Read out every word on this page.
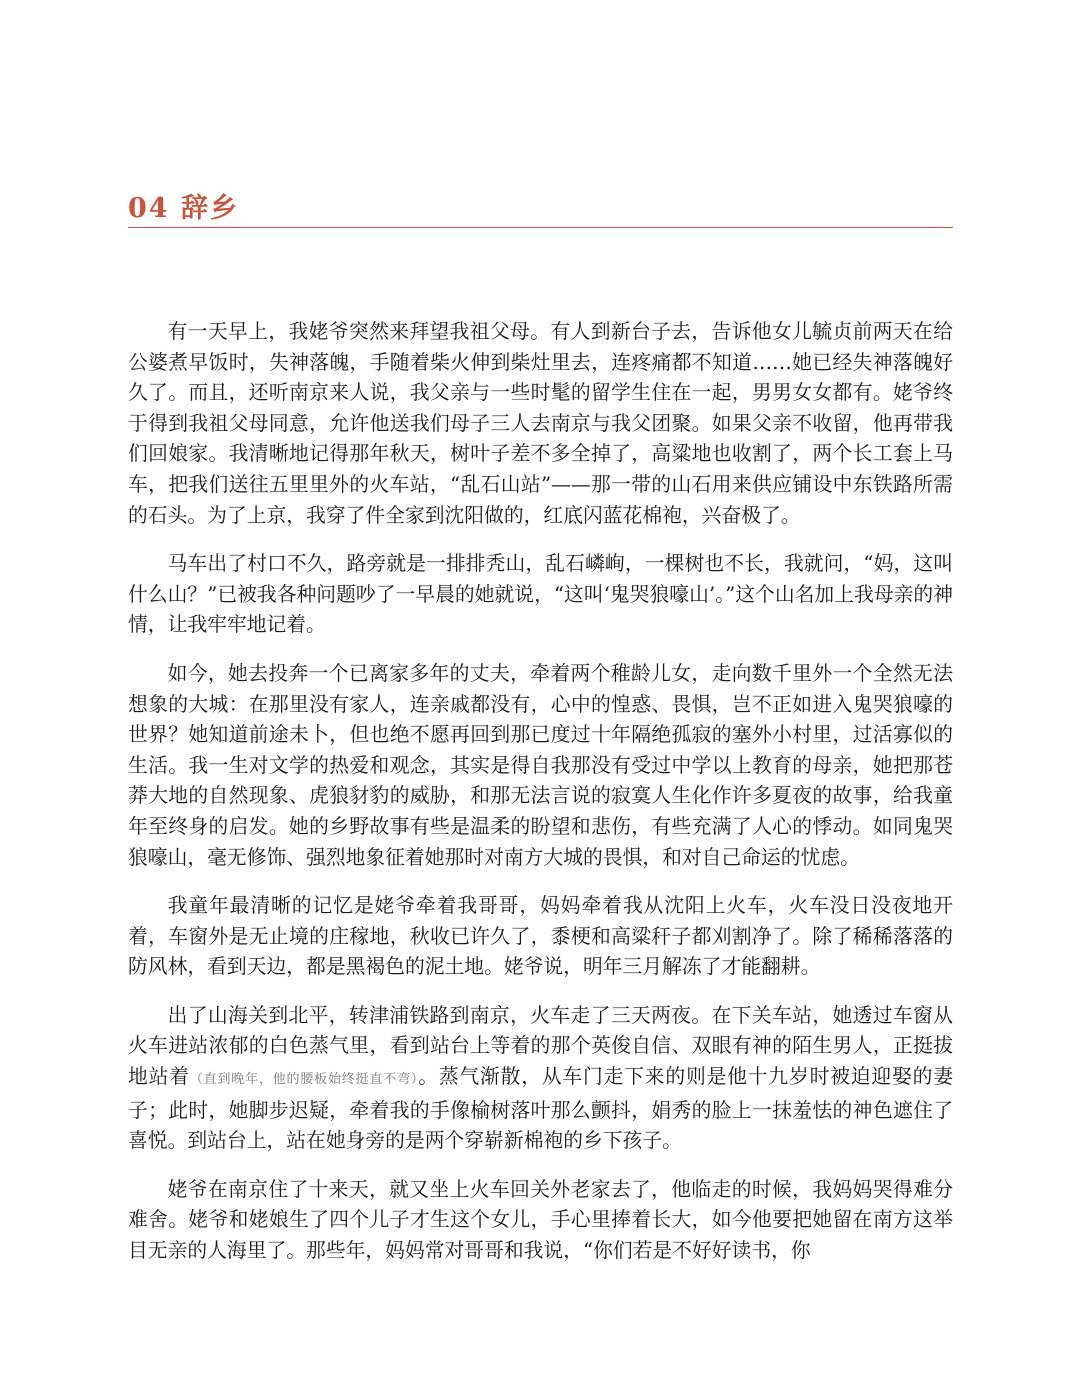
04 辞乡

有一天早上，我姥爷突然来拜望我祖父母。有人到新台子去，告诉他女儿毓贞前两天在给公婆煮早饭时，失神落魄，手随着柴火伸到柴灶里去，连疼痛都不知道……她已经失神落魄好久了。而且，还听南京来人说，我父亲与一些时髦的留学生住在一起，男男女女都有。姥爷终于得到我祖父母同意，允许他送我们母子三人去南京与我父团聚。如果父亲不收留，他再带我们回娘家。我清晰地记得那年秋天，树叶子差不多全掉了，高粱地也收割了，两个长工套上马车，把我们送往五里里外的火车站，“乱石山站”——那一带的山石用来供应铺设中东铁路所需的石头。为了上京，我穿了件全家到沈阳做的，红底闪蓝花棉袍，兴奋极了。

马车出了村口不久，路旁就是一排排秃山，乱石嶙峋，一棵树也不长，我就问，“妈，这叫什么山？”已被我各种问题吵了一早晨的她就说，“这叫‘鬼哭狼嚎山’。”这个山名加上我母亲的神情，让我牢牢地记着。

如今，她去投奔一个已离家多年的丈夫，牵着两个稚龄儿女，走向数千里外一个全然无法想象的大城：在那里没有家人，连亲戚都没有，心中的惶惑、畏惧，岂不正如进入鬼哭狼嚎的世界？她知道前途未卜，但也绝不愿再回到那已度过十年隔绝孤寂的塞外小村里，过活寡似的生活。我一生对文学的热爱和观念，其实是得自我那没有受过中学以上教育的母亲，她把那苍莽大地的自然现象、虎狼豺豹的威胁，和那无法言说的寂寞人生化作许多夏夜的故事，给我童年至终身的启发。她的乡野故事有些是温柔的盼望和悲伤，有些充满了人心的悸动。如同鬼哭狼嚎山，毫无修饰、强烈地象征着她那时对南方大城的畏惧，和对自己命运的忧虑。

我童年最清晰的记忆是姥爷牵着我哥哥，妈妈牵着我从沈阳上火车，火车没日没夜地开着，车窗外是无止境的庄稼地，秋收已许久了，黍梗和高粱秆子都刈割净了。除了稀稀落落的防风林，看到天边，都是黑褐色的泥土地。姥爷说，明年三月解冻了才能翻耕。

出了山海关到北平，转津浦铁路到南京，火车走了三天两夜。在下关车站，她透过车窗从火车进站浓郁的白色蒸气里，看到站台上等着的那个英俊自信、双眼有神的陌生男人，正挺拔地站着（直到晚年，他的腰板始终挺直不弯）。蒸气渐散，从车门走下来的则是他十九岁时被迫迎娶的妻子；此时，她脚步迟疑，牵着我的手像榆树落叶那么颤抖，娟秀的脸上一抹羞怯的神色遮住了喜悦。到站台上，站在她身旁的是两个穿崭新棉袍的乡下孩子。

姥爷在南京住了十来天，就又坐上火车回关外老家去了，他临走的时候，我妈妈哭得难分难舍。姥爷和姥娘生了四个儿子才生这个女儿，手心里捧着长大，如今他要把她留在南方这举目无亲的人海里了。那些年，妈妈常对哥哥和我说，“你们若是不好好读书，你
